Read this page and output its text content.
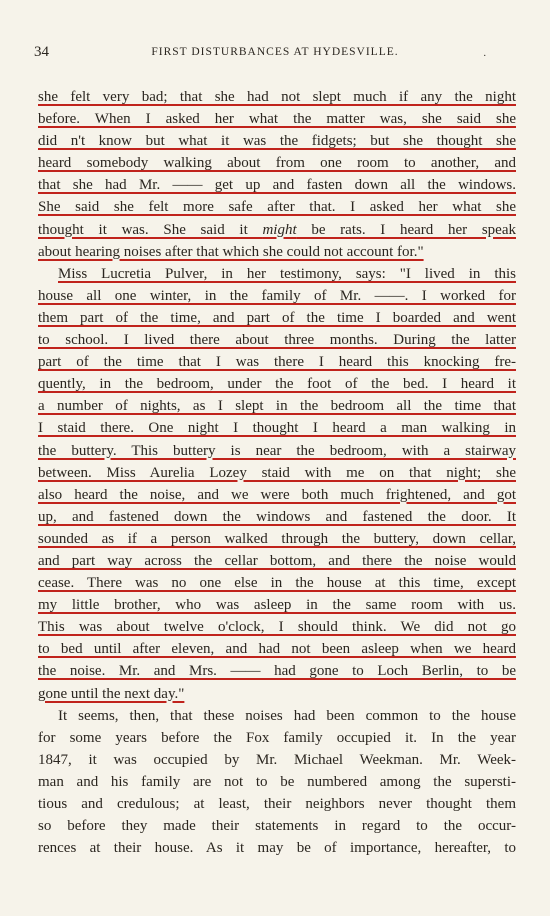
34	FIRST DISTURBANCES AT HYDESVILLE.	.
she felt very bad; that she had not slept much if any the night
before. When I asked her what the matter was, she said she
did n't know but what it was the fidgets; but she thought she
heard somebody walking about from one room to another, and
that she had Mr. —— get up and fasten down all the windows.
She said she felt more safe after that. I asked her what she
thought it was. She said it might be rats. I heard her speak
about hearing noises after that which she could not account for."
Miss Lucretia Pulver, in her testimony, says: "I lived in this
house all one winter, in the family of Mr. ——. I worked for
them part of the time, and part of the time I boarded and went
to school. I lived there about three months. During the latter
part of the time that I was there I heard this knocking fre-
quently, in the bedroom, under the foot of the bed. I heard it
a number of nights, as I slept in the bedroom all the time that
I staid there. One night I thought I heard a man walking in
the buttery. This buttery is near the bedroom, with a stairway
between. Miss Aurelia Lozey staid with me on that night; she
also heard the noise, and we were both much frightened, and got
up, and fastened down the windows and fastened the door. It
sounded as if a person walked through the buttery, down cellar,
and part way across the cellar bottom, and there the noise would
cease. There was no one else in the house at this time, except
my little brother, who was asleep in the same room with us.
This was about twelve o'clock, I should think. We did not go
to bed until after eleven, and had not been asleep when we heard
the noise. Mr. and Mrs. —— had gone to Loch Berlin, to be
gone until the next day."
It seems, then, that these noises had been common to the house
for some years before the Fox family occupied it. In the year
1847, it was occupied by Mr. Michael Weekman. Mr. Week-
man and his family are not to be numbered among the supersti-
tious and credulous; at least, their neighbors never thought them
so before they made their statements in regard to the occur-
rences at their house. As it may be of importance, hereafter, to
